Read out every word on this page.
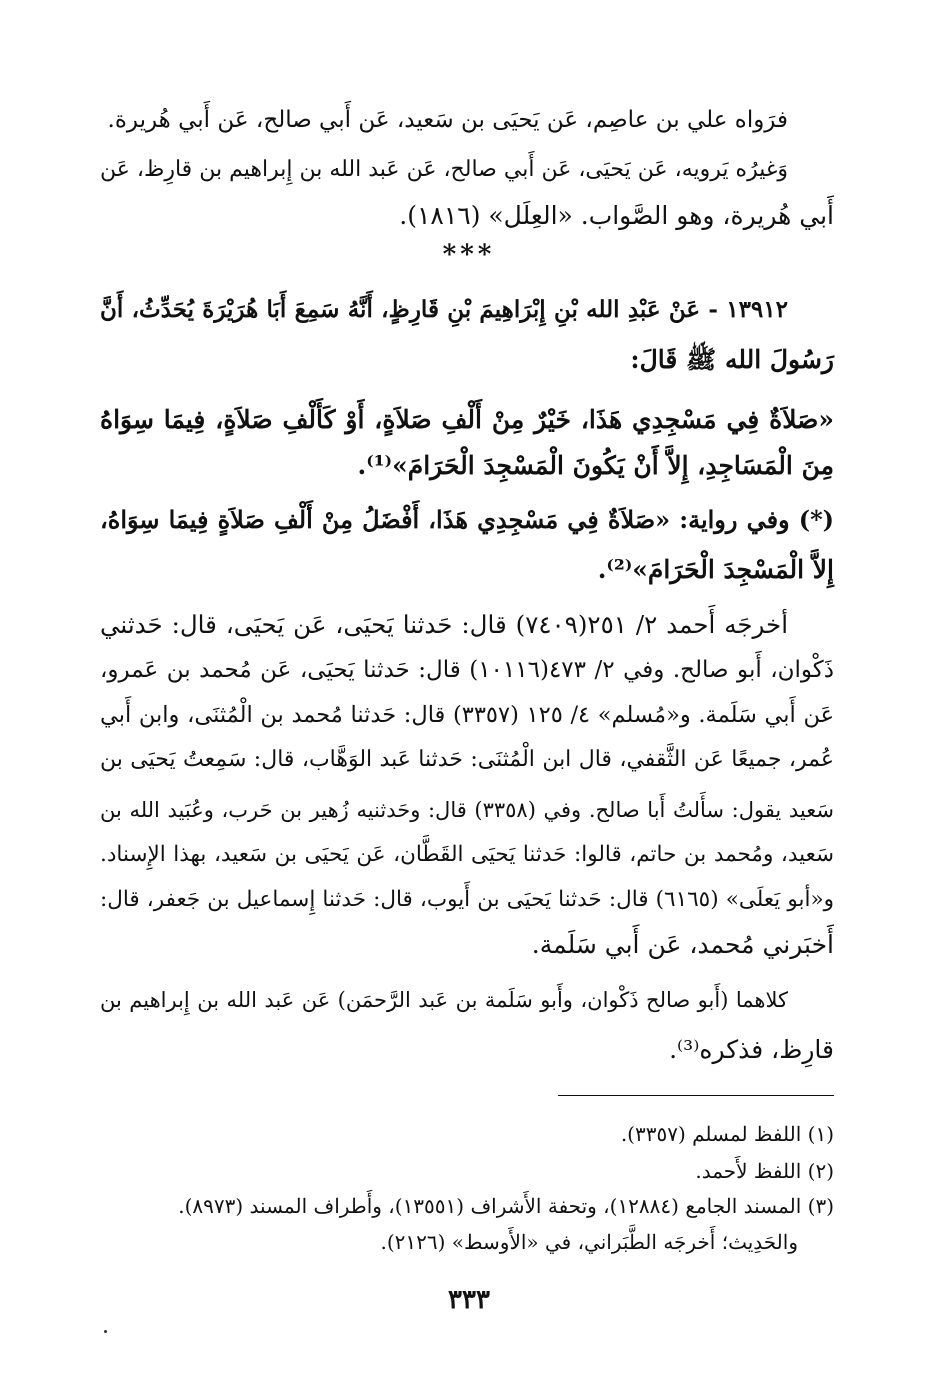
فرَواه علي بن عاصِم، عَن يَحيَى بن سَعيد، عَن أَبي صالح، عَن أَبي هُريرة.
وَغيرُه يَرويه، عَن يَحيَى، عَن أَبي صالح، عَن عَبد الله بن إِبراهيم بن قارِظ، عَن
أَبي هُريرة، وهو الصَّواب. «العِلَل» (١٨١٦).
***
١٣٩١٢ - عَنْ عَبْدِ الله بْنِ إِبْرَاهِيمَ بْنِ قَارِظٍ، أَنَّهُ سَمِعَ أَبَا هُرَيْرَةَ يُحَدِّثُ، أَنَّ
رَسُولَ الله ﷺ قَالَ:
«صَلاَةٌ فِي مَسْجِدِي هَذَا، خَيْرٌ مِنْ أَلْفِ صَلاَةٍ، أَوْ كَأَلْفِ صَلاَةٍ، فِيمَا سِوَاهُ
مِنَ الْمَسَاجِدِ، إِلاَّ أَنْ يَكُونَ الْمَسْجِدَ الْحَرَامَ»⁽¹⁾.
(*) وفي رواية: «صَلاَةٌ فِي مَسْجِدِي هَذَا، أَفْضَلُ مِنْ أَلْفِ صَلاَةٍ فِيمَا سِوَاهُ،
إِلاَّ الْمَسْجِدَ الْحَرَامَ»⁽²⁾.
أخرجَه أَحمد ٢/ ٢٥١(٧٤٠٩) قال: حَدثنا يَحيَى، عَن يَحيَى، قال: حَدثني
ذَكْوان، أَبو صالح. وفي ٢/ ٤٧٣(١٠١١٦) قال: حَدثنا يَحيَى، عَن مُحمد بن عَمرو،
عَن أَبي سَلَمة. و«مُسلم» ٤/ ١٢٥ (٣٣٥٧) قال: حَدثنا مُحمد بن الْمُثنَى، وابن أَبي
عُمر، جميعًا عَن الثَّقفي، قال ابن الْمُثنَى: حَدثنا عَبد الوَهَّاب، قال: سَمِعتُ يَحيَى بن
سَعيد يقول: سأَلتُ أَبا صالح. وفي (٣٣٥٨) قال: وحَدثنيه زُهير بن حَرب، وعُبَيد الله بن
سَعيد، ومُحمد بن حاتم، قالوا: حَدثنا يَحيَى القَطَّان، عَن يَحيَى بن سَعيد، بهذا الإِسناد.
و«أبو يَعلَى» (٦١٦٥) قال: حَدثنا يَحيَى بن أَيوب، قال: حَدثنا إِسماعيل بن جَعفر، قال:
أَخبَرني مُحمد، عَن أَبي سَلَمة.
كلاهما (أَبو صالح ذَكْوان، وأَبو سَلَمة بن عَبد الرَّحمَن) عَن عَبد الله بن إِبراهيم بن
قارِظ، فذكره⁽³⁾.
(١) اللفظ لمسلم (٣٣٥٧).
(٢) اللفظ لأَحمد.
(٣) المسند الجامع (١٢٨٨٤)، وتحفة الأَشراف (١٣٥٥١)، وأَطراف المسند (٨٩٧٣).
والحَدِيث؛ أَخرجَه الطَّبَراني، في «الأَوسط» (٢١٢٦).
٣٣٣
